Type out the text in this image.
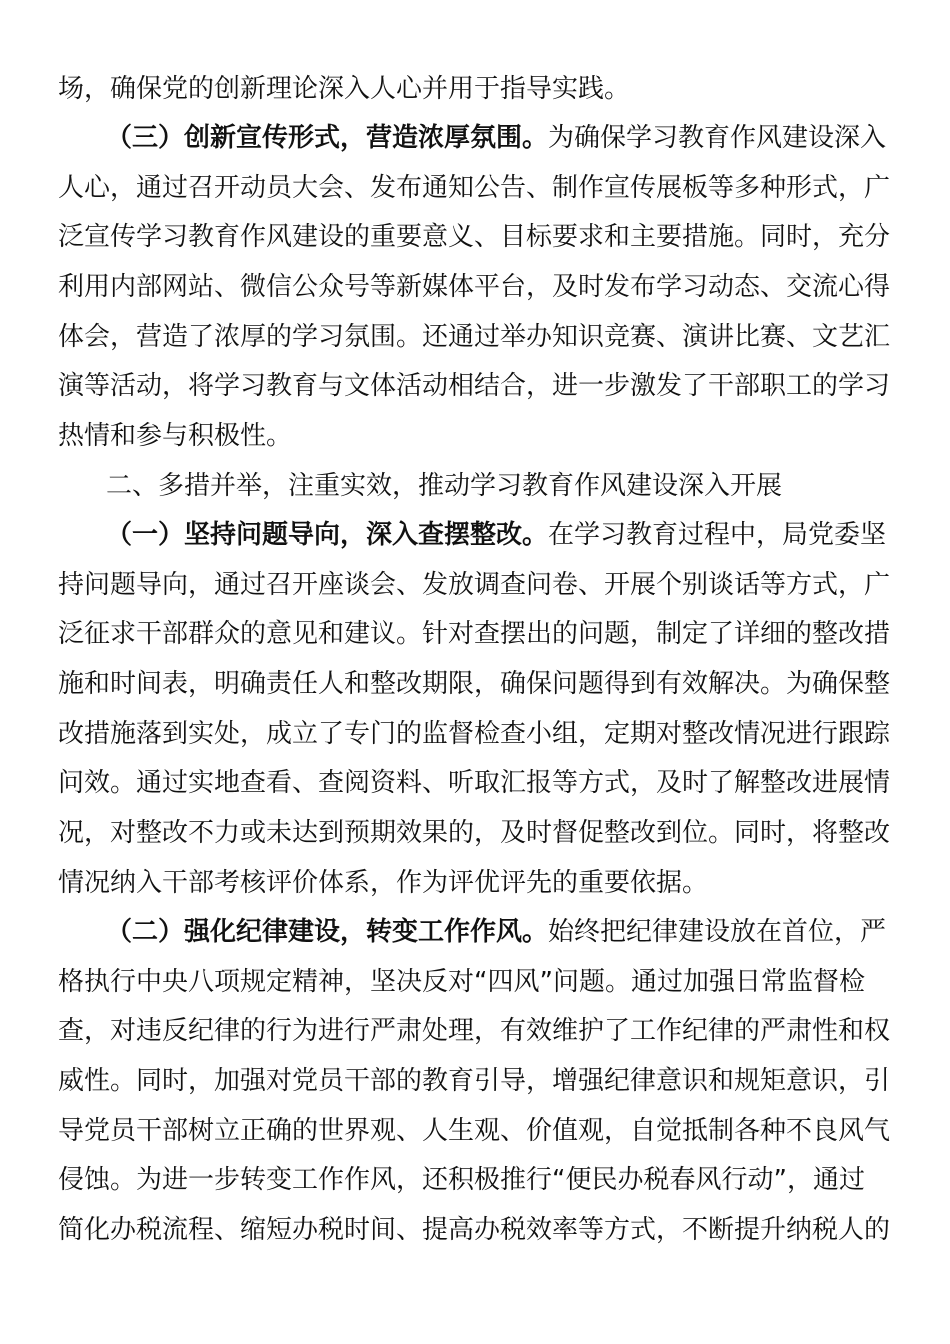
场，确保党的创新理论深入人心并用于指导实践。
（三）创新宣传形式，营造浓厚氛围。为确保学习教育作风建设深入
人心，通过召开动员大会、发布通知公告、制作宣传展板等多种形式，广
泛宣传学习教育作风建设的重要意义、目标要求和主要措施。同时，充分
利用内部网站、微信公众号等新媒体平台，及时发布学习动态、交流心得
体会，营造了浓厚的学习氛围。还通过举办知识竞赛、演讲比赛、文艺汇
演等活动，将学习教育与文体活动相结合，进一步激发了干部职工的学习
热情和参与积极性。
二、多措并举，注重实效，推动学习教育作风建设深入开展
（一）坚持问题导向，深入查摆整改。在学习教育过程中，局党委坚
持问题导向，通过召开座谈会、发放调查问卷、开展个别谈话等方式，广
泛征求干部群众的意见和建议。针对查摆出的问题，制定了详细的整改措
施和时间表，明确责任人和整改期限，确保问题得到有效解决。为确保整
改措施落到实处，成立了专门的监督检查小组，定期对整改情况进行跟踪
问效。通过实地查看、查阅资料、听取汇报等方式，及时了解整改进展情
况，对整改不力或未达到预期效果的，及时督促整改到位。同时，将整改
情况纳入干部考核评价体系，作为评优评先的重要依据。
（二）强化纪律建设，转变工作作风。始终把纪律建设放在首位，严
格执行中央八项规定精神，坚决反对“四风”问题。通过加强日常监督检
查，对违反纪律的行为进行严肃处理，有效维护了工作纪律的严肃性和权
威性。同时，加强对党员干部的教育引导，增强纪律意识和规矩意识，引
导党员干部树立正确的世界观、人生观、价值观，自觉抵制各种不良风气
侵蚀。为进一步转变工作作风，还积极推行“便民办税春风行动”，通过
简化办税流程、缩短办税时间、提高办税效率等方式，不断提升纳税人的
